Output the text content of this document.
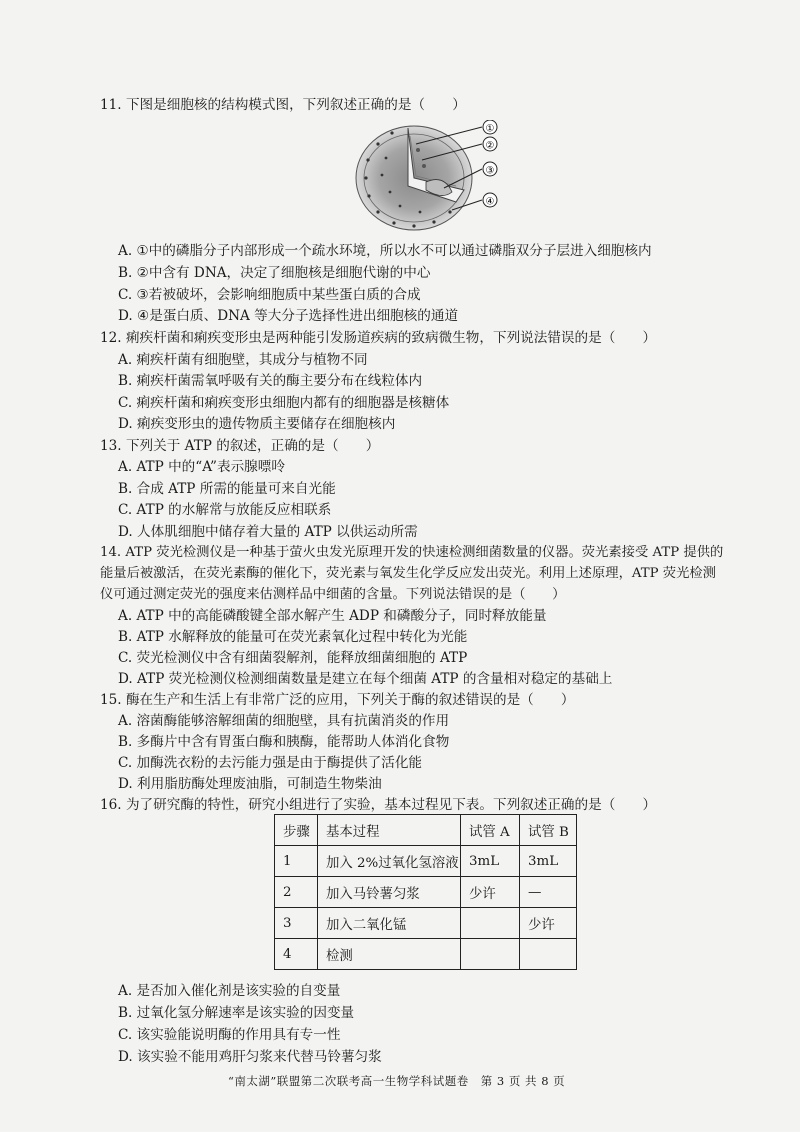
11. 下图是细胞核的结构模式图，下列叙述正确的是（　　）
①
②
③
④
A. ①中的磷脂分子内部形成一个疏水环境，所以水不可以通过磷脂双分子层进入细胞核内
B. ②中含有 DNA，决定了细胞核是细胞代谢的中心
C. ③若被破坏，会影响细胞质中某些蛋白质的合成
D. ④是蛋白质、DNA 等大分子选择性进出细胞核的通道
12. 痢疾杆菌和痢疾变形虫是两种能引发肠道疾病的致病微生物，下列说法错误的是（　　）
A. 痢疾杆菌有细胞壁，其成分与植物不同
B. 痢疾杆菌需氧呼吸有关的酶主要分布在线粒体内
C. 痢疾杆菌和痢疾变形虫细胞内都有的细胞器是核糖体
D. 痢疾变形虫的遗传物质主要储存在细胞核内
13. 下列关于 ATP 的叙述，正确的是（　　）
A. ATP 中的“A”表示腺嘌呤
B. 合成 ATP 所需的能量可来自光能
C. ATP 的水解常与放能反应相联系
D. 人体肌细胞中储存着大量的 ATP 以供运动所需
14. ATP 荧光检测仪是一种基于萤火虫发光原理开发的快速检测细菌数量的仪器。荧光素接受 ATP 提供的
能量后被激活，在荧光素酶的催化下，荧光素与氧发生化学反应发出荧光。利用上述原理，ATP 荧光检测
仪可通过测定荧光的强度来估测样品中细菌的含量。下列说法错误的是（　　）
A. ATP 中的高能磷酸键全部水解产生 ADP 和磷酸分子，同时释放能量
B. ATP 水解释放的能量可在荧光素氧化过程中转化为光能
C. 荧光检测仪中含有细菌裂解剂，能释放细菌细胞的 ATP
D. ATP 荧光检测仪检测细菌数量是建立在每个细菌 ATP 的含量相对稳定的基础上
15. 酶在生产和生活上有非常广泛的应用，下列关于酶的叙述错误的是（　　）
A. 溶菌酶能够溶解细菌的细胞壁，具有抗菌消炎的作用
B. 多酶片中含有胃蛋白酶和胰酶，能帮助人体消化食物
C. 加酶洗衣粉的去污能力强是由于酶提供了活化能
D. 利用脂肪酶处理废油脂，可制造生物柴油
16. 为了研究酶的特性，研究小组进行了实验，基本过程见下表。下列叙述正确的是（　　）
步骤	基本过程	试管 A	试管 B
1	加入 2%过氧化氢溶液	3mL	3mL
2	加入马铃薯匀浆	少许	—
3	加入二氧化锰		少许
4	检测		
A. 是否加入催化剂是该实验的自变量
B. 过氧化氢分解速率是该实验的因变量
C. 该实验能说明酶的作用具有专一性
D. 该实验不能用鸡肝匀浆来代替马铃薯匀浆
“南太湖”联盟第二次联考高一生物学科试题卷　第 3 页 共 8 页
